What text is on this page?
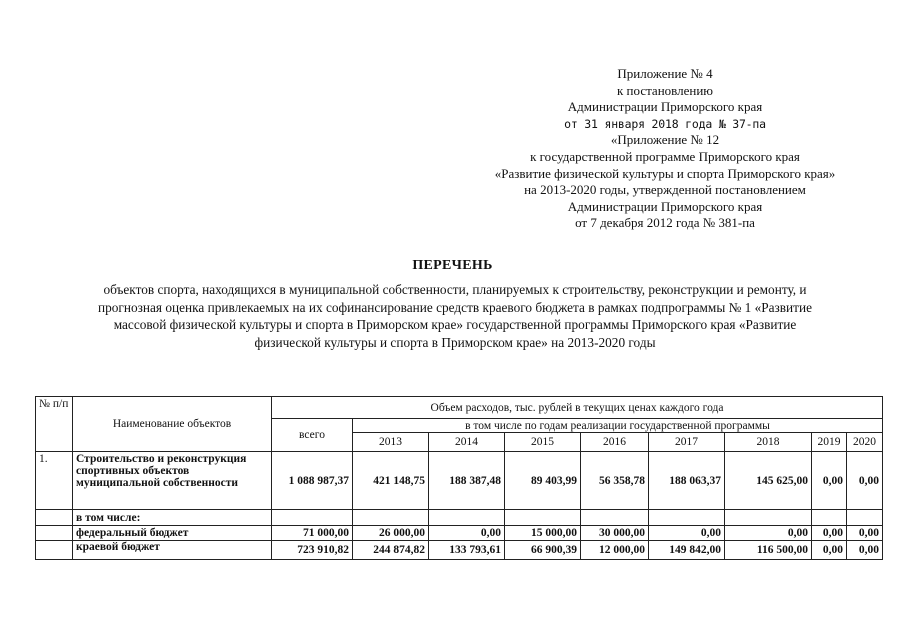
Приложение № 4
к постановлению
Администрации Приморского края
от 31 января 2018 года № 37-па
«Приложение № 12
к государственной программе Приморского края
«Развитие физической культуры и спорта Приморского края»
на 2013-2020 годы, утвержденной постановлением
Администрации Приморского края
от 7 декабря 2012 года № 381-па
ПЕРЕЧЕНЬ
объектов спорта, находящихся в муниципальной собственности, планируемых к строительству, реконструкции и ремонту, и
прогнозная оценка привлекаемых на их софинансирование средств краевого бюджета в рамках подпрограммы № 1 «Развитие
массовой физической культуры и спорта в Приморском крае» государственной программы Приморского края «Развитие
физической культуры и спорта в Приморском крае» на 2013-2020 годы
№ п/п	Наименование объектов	Объем расходов, тыс. рублей в текущих ценах каждого года								
		всего	в том числе по годам реализации государственной программы							
			2013	2014	2015	2016	2017	2018	2019	2020
1.	Строительство и реконструкция спортивных объектов муниципальной собственности	1 088 987,37	421 148,75	188 387,48	89 403,99	56 358,78	188 063,37	145 625,00	0,00	0,00
	в том числе:									
	федеральный бюджет	71 000,00	26 000,00	0,00	15 000,00	30 000,00	0,00	0,00	0,00	0,00
	краевой бюджет	723 910,82	244 874,82	133 793,61	66 900,39	12 000,00	149 842,00	116 500,00	0,00	0,00
